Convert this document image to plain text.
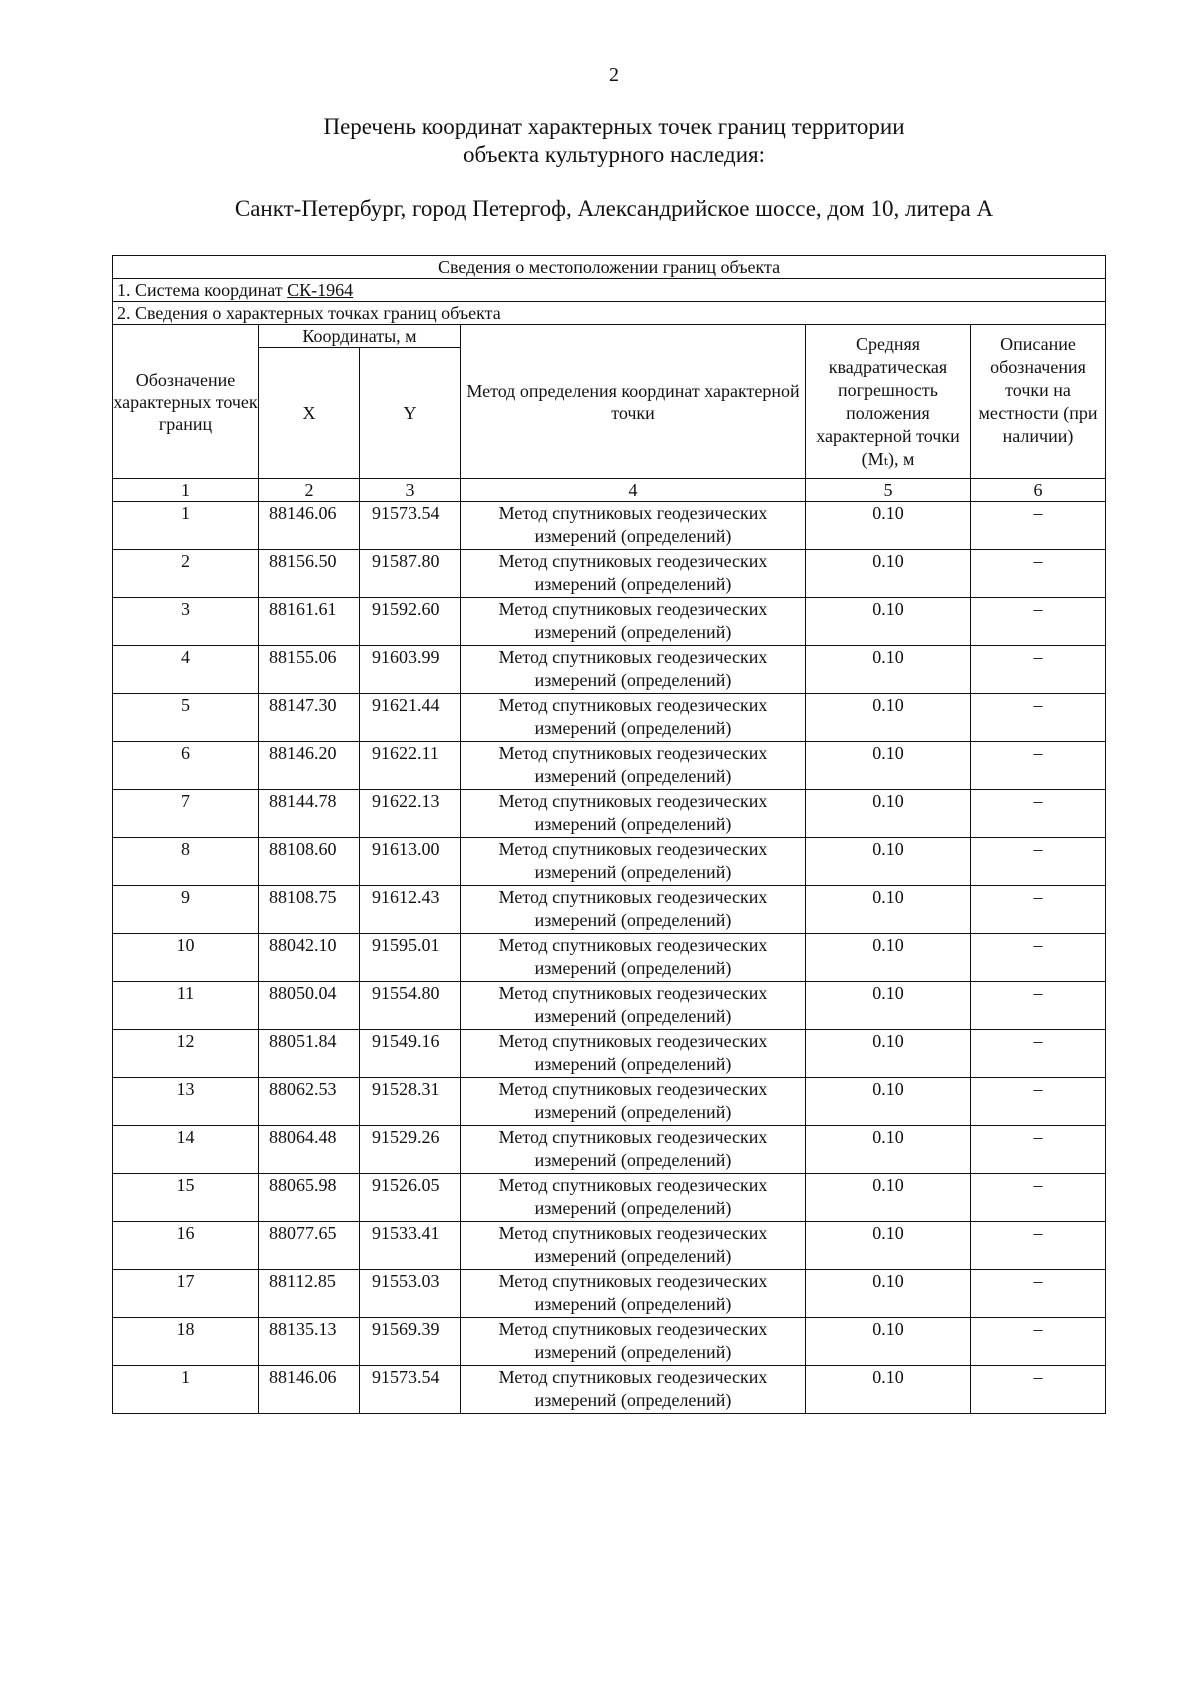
2
Перечень координат характерных точек границ территории
объекта культурного наследия:
Санкт-Петербург, город Петергоф, Александрийское шоссе, дом 10, литера А
Сведения о местоположении границ объекта					
1. Система координат СК-1964					
2. Сведения о характерных точках границ объекта					
Обозначение характерных точек границ	Координаты, м		Метод определения координат характерной точки	Средняя квадратическая погрешность положения характерной точки (Mₜ), м	Описание обозначения точки на местности (при наличии)
	X	Y			
1	2	3	4	5	6
1	88146.06	91573.54	Метод спутниковых геодезических измерений (определений)	0.10	–
2	88156.50	91587.80	Метод спутниковых геодезических измерений (определений)	0.10	–
3	88161.61	91592.60	Метод спутниковых геодезических измерений (определений)	0.10	–
4	88155.06	91603.99	Метод спутниковых геодезических измерений (определений)	0.10	–
5	88147.30	91621.44	Метод спутниковых геодезических измерений (определений)	0.10	–
6	88146.20	91622.11	Метод спутниковых геодезических измерений (определений)	0.10	–
7	88144.78	91622.13	Метод спутниковых геодезических измерений (определений)	0.10	–
8	88108.60	91613.00	Метод спутниковых геодезических измерений (определений)	0.10	–
9	88108.75	91612.43	Метод спутниковых геодезических измерений (определений)	0.10	–
10	88042.10	91595.01	Метод спутниковых геодезических измерений (определений)	0.10	–
11	88050.04	91554.80	Метод спутниковых геодезических измерений (определений)	0.10	–
12	88051.84	91549.16	Метод спутниковых геодезических измерений (определений)	0.10	–
13	88062.53	91528.31	Метод спутниковых геодезических измерений (определений)	0.10	–
14	88064.48	91529.26	Метод спутниковых геодезических измерений (определений)	0.10	–
15	88065.98	91526.05	Метод спутниковых геодезических измерений (определений)	0.10	–
16	88077.65	91533.41	Метод спутниковых геодезических измерений (определений)	0.10	–
17	88112.85	91553.03	Метод спутниковых геодезических измерений (определений)	0.10	–
18	88135.13	91569.39	Метод спутниковых геодезических измерений (определений)	0.10	–
1	88146.06	91573.54	Метод спутниковых геодезических измерений (определений)	0.10	–
